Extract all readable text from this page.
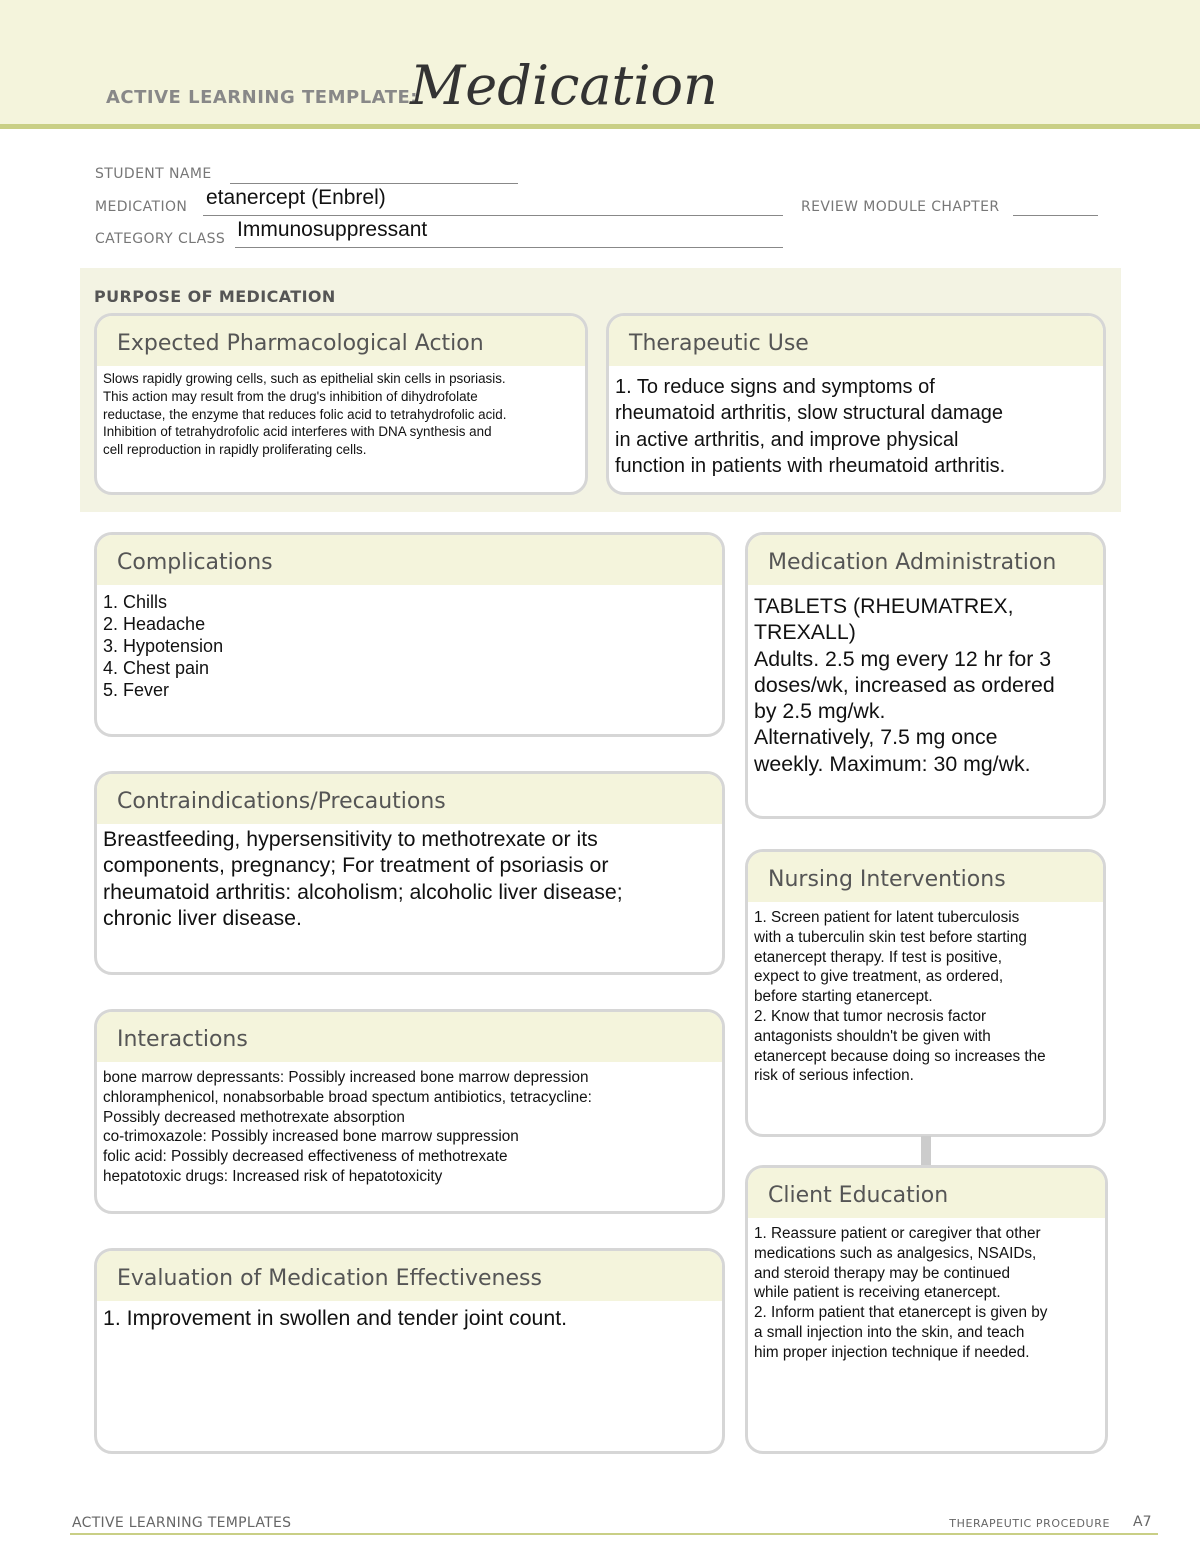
ACTIVE LEARNING TEMPLATE:
Medication
STUDENT NAME
MEDICATION etanercept (Enbrel)	REVIEW MODULE CHAPTER
CATEGORY CLASS Immunosuppressant
PURPOSE OF MEDICATION
Expected Pharmacological Action
Slows rapidly growing cells, such as epithelial skin cells in psoriasis.
This action may result from the drug's inhibition of dihydrofolate
reductase, the enzyme that reduces folic acid to tetrahydrofolic acid.
Inhibition of tetrahydrofolic acid interferes with DNA synthesis and
cell reproduction in rapidly proliferating cells.
Therapeutic Use
1. To reduce signs and symptoms of
rheumatoid arthritis, slow structural damage
in active arthritis, and improve physical
function in patients with rheumatoid arthritis.
Complications
1. Chills
2. Headache
3. Hypotension
4. Chest pain
5. Fever
Medication Administration
TABLETS (RHEUMATREX,
TREXALL)
Adults. 2.5 mg every 12 hr for 3
doses/wk, increased as ordered
by 2.5 mg/wk.
Alternatively, 7.5 mg once
weekly. Maximum: 30 mg/wk.
Contraindications/Precautions
Breastfeeding, hypersensitivity to methotrexate or its
components, pregnancy; For treatment of psoriasis or
rheumatoid arthritis: alcoholism; alcoholic liver disease;
chronic liver disease.
Nursing Interventions
1. Screen patient for latent tuberculosis
with a tuberculin skin test before starting
etanercept therapy. If test is positive,
expect to give treatment, as ordered,
before starting etanercept.
2. Know that tumor necrosis factor
antagonists shouldn't be given with
etanercept because doing so increases the
risk of serious infection.
Interactions
bone marrow depressants: Possibly increased bone marrow depression
chloramphenicol, nonabsorbable broad spectum antibiotics, tetracycline:
Possibly decreased methotrexate absorption
co-trimoxazole: Possibly increased bone marrow suppression
folic acid: Possibly decreased effectiveness of methotrexate
hepatotoxic drugs: Increased risk of hepatotoxicity
Client Education
1. Reassure patient or caregiver that other
medications such as analgesics, NSAIDs,
and steroid therapy may be continued
while patient is receiving etanercept.
2. Inform patient that etanercept is given by
a small injection into the skin, and teach
him proper injection technique if needed.
Evaluation of Medication Effectiveness
1. Improvement in swollen and tender joint count.
ACTIVE LEARNING TEMPLATES	THERAPEUTIC PROCEDURE A7
